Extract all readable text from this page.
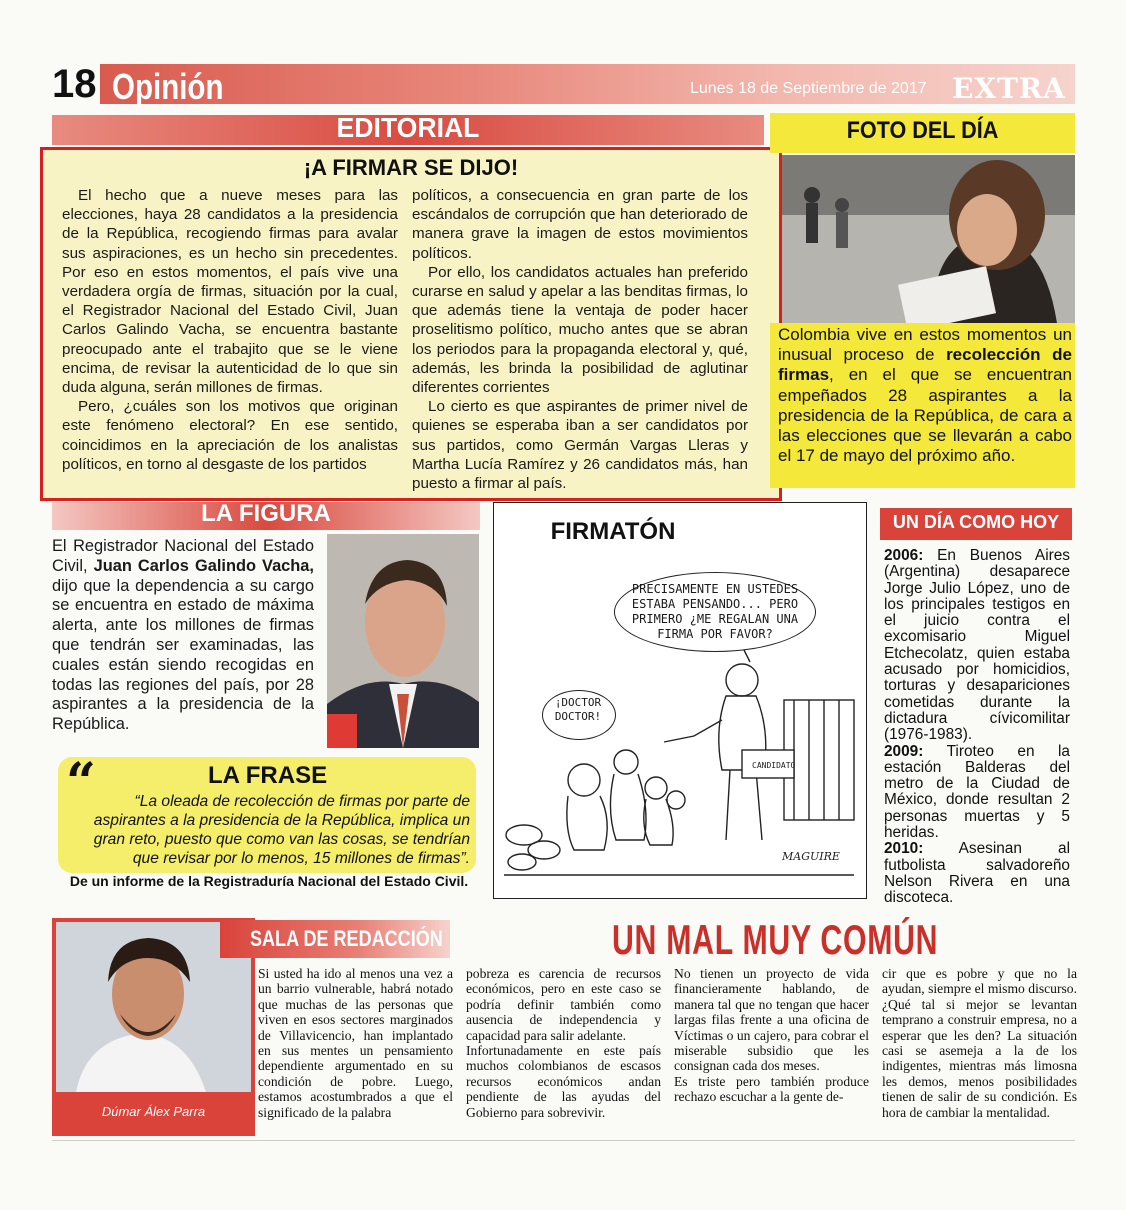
18 Opinión	Lunes 18 de Septiembre de 2017 EXTRA
EDITORIAL
¡A FIRMAR SE DIJO!

El hecho que a nueve meses para las elecciones, haya 28 candidatos a la presidencia de la República, recogiendo firmas para avalar sus aspiraciones, es un hecho sin precedentes. Por eso en estos momentos, el país vive una verdadera orgía de firmas, situación por la cual, el Registrador Nacional del Estado Civil, Juan Carlos Galindo Vacha, se encuentra bastante preocupado ante el trabajito que se le viene encima, de revisar la autenticidad de lo que sin duda alguna, serán millones de firmas.

Pero, ¿cuáles son los motivos que originan este fenómeno electoral? En ese sentido, coincidimos en la apreciación de los analistas políticos, en torno al desgaste de los partidos

políticos, a consecuencia en gran parte de los escándalos de corrupción que han deteriorado de manera grave la imagen de estos movimientos políticos.

Por ello, los candidatos actuales han preferido curarse en salud y apelar a las benditas firmas, lo que además tiene la ventaja de poder hacer proselitismo político, mucho antes que se abran los periodos para la propaganda electoral y, qué, además, les brinda la posibilidad de aglutinar diferentes corrientes

Lo cierto es que aspirantes de primer nivel de quienes se esperaba iban a ser candidatos por sus partidos, como Germán Vargas Lleras y Martha Lucía Ramírez y 26 candidatos más, han puesto a firmar al país.

FOTO DEL DÍA
Colombia vive en estos momentos un inusual proceso de recolección de firmas, en el que se encuentran empeñados 28 aspirantes a la presidencia de la República, de cara a las elecciones que se llevarán a cabo el 17 de mayo del próximo año.
LA FIGURA
El Registrador Nacional del Estado Civil, Juan Carlos Galindo Vacha, dijo que la dependencia a su cargo se encuentra en estado de máxima alerta, ante los millones de firmas que tendrán ser examinadas, las cuales están siendo recogidas en todas las regiones del país, por 28 aspirantes a la presidencia de la República.
“	LA FRASE
“La oleada de recolección de firmas por parte de aspirantes a la presidencia de la República, implica un gran reto, puesto que como van las cosas, se tendrían que revisar por lo menos, 15 millones de firmas”.
De un informe de la Registraduría Nacional del Estado Civil.
FIRMATÓN
PRECISAMENTE EN USTEDES ESTABA PENSANDO... PERO PRIMERO ¿ME REGALAN UNA FIRMA POR FAVOR?
¡DOCTOR DOCTOR!
CANDIDATO
MAGUIRE
UN DÍA COMO HOY
2006: En Buenos Aires (Argentina) desaparece Jorge Julio López, uno de los principales testigos en el juicio contra el excomisario Miguel Etchecolatz, quien estaba acusado por homicidios, torturas y desapariciones cometidas durante la dictadura cívicomilitar (1976-1983).
2009: Tiroteo en la estación Balderas del metro de la Ciudad de México, donde resultan 2 personas muertas y 5 heridas.
2010: Asesinan al futbolista salvadoreño Nelson Rivera en una discoteca.
Dúmar Álex Parra
SALA DE REDACCIÓN	UN MAL MUY COMÚN
Si usted ha ido al menos una vez a un barrio vulnerable, habrá notado que muchas de las personas que viven en esos sectores marginados de Villavicencio, han implantado en sus mentes un pensamiento dependiente argumentado en su condición de pobre. Luego, estamos acostumbrados a que el significado de la palabra
pobreza es carencia de recursos económicos, pero en este caso se podría definir también como ausencia de independencia y capacidad para salir adelante.
Infortunadamente en este país muchos colombianos de escasos recursos económicos andan pendiente de las ayudas del Gobierno para sobrevivir.
No tienen un proyecto de vida financieramente hablando, de manera tal que no tengan que hacer largas filas frente a una oficina de Víctimas o un cajero, para cobrar el miserable subsidio que les consignan cada dos meses.
Es triste pero también produce rechazo escuchar a la gente de-
cir que es pobre y que no la ayudan, siempre el mismo discurso. ¿Qué tal si mejor se levantan temprano a construir empresa, no a esperar que les den? La situación casi se asemeja a la de los indigentes, mientras más limosna les demos, menos posibilidades tienen de salir de su condición. Es hora de cambiar la mentalidad.
